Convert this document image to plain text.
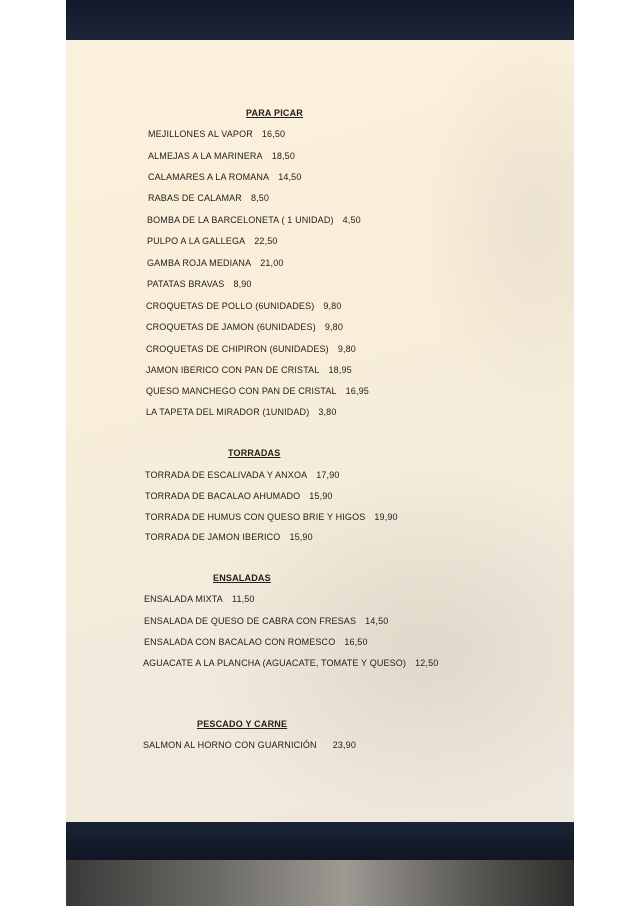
PARA PICAR
MEJILLONES AL VAPOR 16,50
ALMEJAS A LA MARINERA 18,50
CALAMARES A LA ROMANA 14,50
RABAS DE CALAMAR 8,50
BOMBA DE LA BARCELONETA ( 1 UNIDAD) 4,50
PULPO A LA GALLEGA 22,50
GAMBA ROJA MEDIANA 21,00
PATATAS BRAVAS 8,90
CROQUETAS DE POLLO (6UNIDADES) 9,80
CROQUETAS DE JAMON (6UNIDADES) 9,80
CROQUETAS DE CHIPIRON (6UNIDADES) 9,80
JAMON IBERICO CON PAN DE CRISTAL 18,95
QUESO MANCHEGO CON PAN DE CRISTAL 16,95
LA TAPETA DEL MIRADOR (1UNIDAD) 3,80
TORRADAS
TORRADA DE ESCALIVADA Y ANXOA 17,90
TORRADA DE BACALAO AHUMADO 15,90
TORRADA DE HUMUS CON QUESO BRIE Y HIGOS 19,90
TORRADA DE JAMON IBERICO 15,90
ENSALADAS
ENSALADA MIXTA 11,50
ENSALADA DE QUESO DE CABRA CON FRESAS 14,50
ENSALADA CON BACALAO CON ROMESCO 16,50
AGUACATE A LA PLANCHA (AGUACATE, TOMATE Y QUESO) 12,50
PESCADO Y CARNE
SALMON AL HORNO CON GUARNICIÓN 23,90
